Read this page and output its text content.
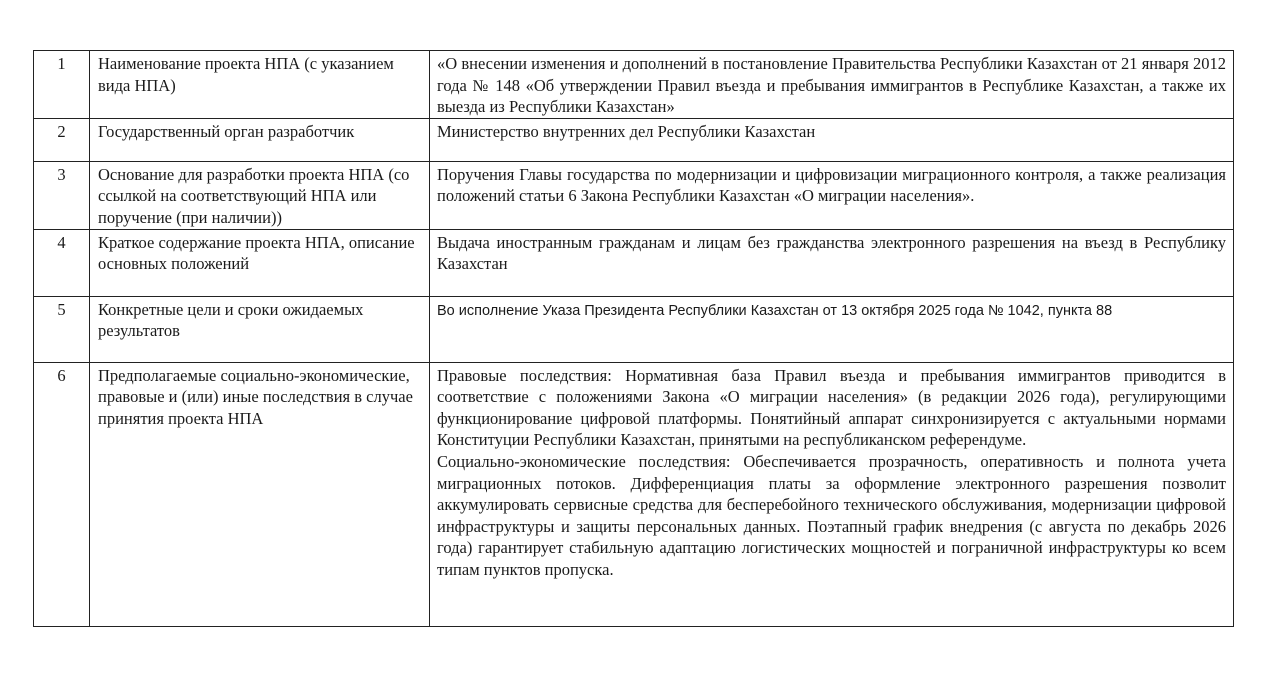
1	Наименование проекта НПА (с указанием вида НПА)	«О внесении изменения и дополнений в постановление Правительства Республики Казахстан от 21 января 2012 года № 148 «Об утверждении Правил въезда и пребывания иммигрантов в Республике Казахстан, а также их выезда из Республики Казахстан»

2	Государственный орган разработчик	Министерство внутренних дел Республики Казахстан

3	Основание для разработки проекта НПА (со ссылкой на соответствующий НПА или поручение (при наличии))	Поручения Главы государства по модернизации и цифровизации миграционного контроля, а также реализация положений статьи 6 Закона Республики Казахстан «О миграции населения».

4	Краткое содержание проекта НПА, описание основных положений	Выдача иностранным гражданам и лицам без гражданства электронного разрешения на въезд в Республику Казахстан

5	Конкретные цели и сроки ожидаемых результатов	Во исполнение Указа Президента Республики Казахстан от 13 октября 2025 года № 1042, пункта 88

6	Предполагаемые социально-экономические, правовые и (или) иные последствия в случае принятия проекта НПА	Правовые последствия: Нормативная база Правил въезда и пребывания иммигрантов приводится в соответствие с положениями Закона «О миграции населения» (в редакции 2026 года), регулирующими функционирование цифровой платформы. Понятийный аппарат синхронизируется с актуальными нормами Конституции Республики Казахстан, принятыми на республиканском референдуме.

Социально-экономические последствия: Обеспечивается прозрачность, оперативность и полнота учета миграционных потоков. Дифференциация платы за оформление электронного разрешения позволит аккумулировать сервисные средства для бесперебойного технического обслуживания, модернизации цифровой инфраструктуры и защиты персональных данных. Поэтапный график внедрения (с августа по декабрь 2026 года) гарантирует стабильную адаптацию логистических мощностей и пограничной инфраструктуры ко всем типам пунктов пропуска.
